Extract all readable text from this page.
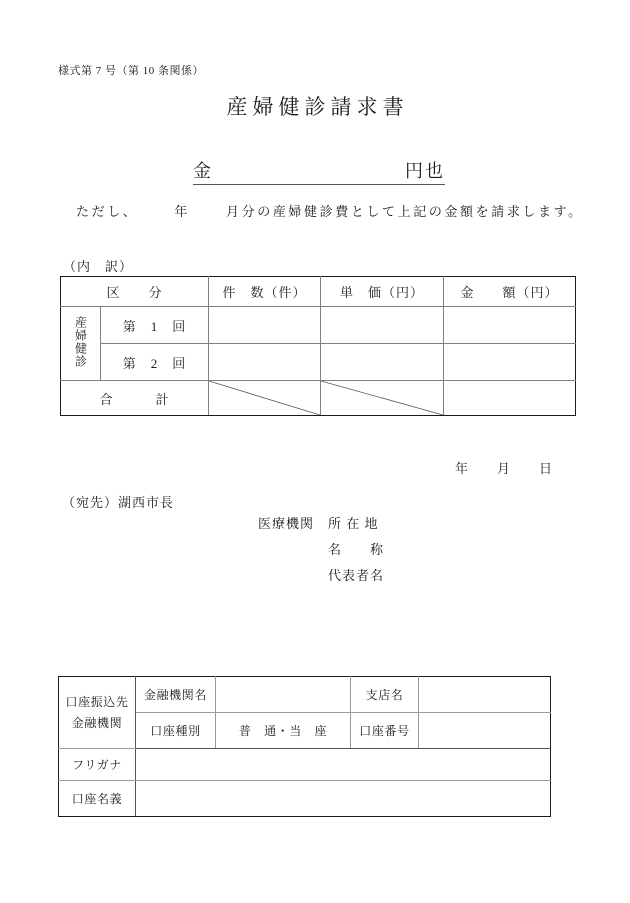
様式第 7 号（第 10 条関係）
産婦健診請求書
金	円也
ただし、	年	月分の産婦健診費として上記の金額を請求します。
（内　訳）
区　　分		件　数（件）	単　価（円）	金　　額（円）
産婦健診	第　1　回			
	第　2　回			
合　　　計	

年 月 日
（宛先）湖西市長
医療機関	所 在 地
名　　称
代表者名
口座振込先
金融機関	金融機関名		支店名	
	口座種別	普　通・当　座	口座番号	
フリガナ				
口座名義				
